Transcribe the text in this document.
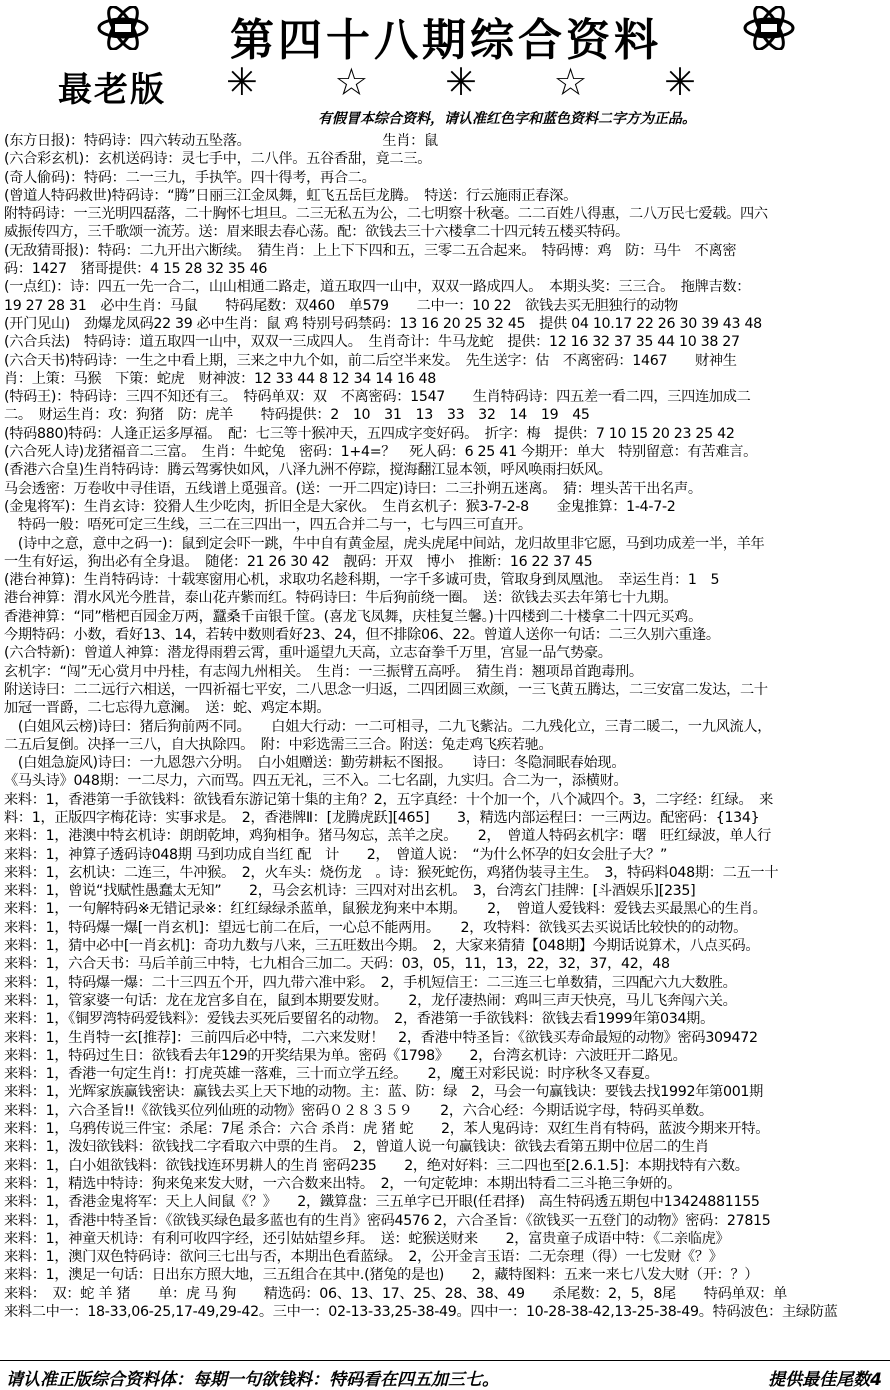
第四十八期综合资料
最老版 ✳ ☆ ✳ ☆ ✳
有假冒本综合资料，请认准红色字和蓝色资料二字方为正品。
(东方日报)：特码诗：四六转动五坠落。　　　　　　　　　　生肖：鼠
(六合彩玄机)：玄机送码诗：灵七手中，二八伴。五谷香甜，竟二三。
(奇人偷码)：特码：二一三九，手执竿。四十得考，再合二。
(曾道人特码救世)特码诗：“腾”日丽三江金凤舞，虹飞五岳巨龙腾。　特送：行云施雨正春深。
附特码诗：一三光明四磊落，二十胸怀七坦旦。二三无私五为公，二七明察十秋毫。二二百姓八得惠，二八万民七爱载。四六
威振传四方，三千歌颂一流芳。送：眉来眼去春心荡。配：欲钱去三十六楼拿二十四元转五楼买特码。
(无敌猜哥报)：特码：二九开出六断续。　猜生肖：上上下下四和五，三零二五合起来。　特码博：鸡　防：马牛　不离密
码：1427　猪哥提供：4 15 28 32 35 46
(一点红)：诗：四五一先一合二，山山相通二路走，道五取四一山中，双双一路成四人。　本期头奖：三三合。　拖牌吉数：
19 27 28 31　必中生肖：马鼠　　特码尾数：双460　单579　　二中一：10 22　欲钱去买无胆独行的动物
(开门见山)　劲爆龙凤码22 39 必中生肖：鼠 鸡 特别号码禁码：13 16 20 25 32 45　提供 04 10.17 22 26 30 39 43 48
(六合兵法)　特码诗：道五取四一山中，双双一三成四人。　生肖奇计：牛马龙蛇　提供：12 16 32 37 35 44 10 38 27
(六合天书)特码诗：一生之中看上期，三来之中九个如，前二后空半来发。　先生送字：估　不离密码：1467　　财神生
肖：上策：马猴　下策：蛇虎　财神波：12 33 44 8 12 34 14 16 48
(特码王)：特码诗：三四不知还有三。　特码单双：双　不离密码：1547　　生肖特码诗：四五差一看二四，三四连加成二
二。　财运生肖：攻：狗猪　防：虎羊　　特码提供：2　10　31　13　33　32　14　19　45
(特码880)特码：人逢正运多厚福。　配：七三等十猴冲天，五四成字变好码。　折字：梅　提供：7 10 15 20 23 25 42
(六合死人诗)龙猪福音二三富。　生肖：牛蛇兔　密码：1+4=？　死人码：6 25 41 今期开：单大　特别留意：有苦难言。
(香港六合皇)生肖特码诗：腾云驾雾快如风，八泽九洲不停踪，搅海翻江显本领，呼风唤雨扫妖风。
马会透密：万卷收中寻佳语，五线谱上觅强音。(送：一开二四定)诗曰：二三扑朔五迷离。　猜：埋头苦干出名声。
(金鬼将军)：生肖玄诗：狡猾人生少吃肉，折旧全是大家伙。　生肖玄机子：猴3-7-2-8　　金鬼推算：1-4-7-2
　特码一般：唔死可定三生线，三二在三四出一，四五合并二与一，七与四三可直开。
　(诗中之意，意中之码一)：鼠到定会吓一跳，牛中自有黄金屋，虎头虎尾中间站，龙归故里非它愿，马到功成差一半，羊年
一生有好运，狗出必有全身退。　随佬：21 26 30 42　靓码：开双　博小　推断：16 22 37 45
(港台神算)：生肖特码诗：十载寒窗用心机，求取功名趁科期，一字千多诚可贵，管取身到凤凰池。　幸运生肖：1　5
港台神算：渭水风光今胜昔，泰山花卉紫而红。特码诗曰：牛后狗前绕一圈。　送：欲钱去买去年第七十九期。
香港神算：“同”楷杷百园金万两，蠶桑千亩银千筐。(喜龙飞凤舞，庆桂复兰馨。)十四楼到二十楼拿二十四元买鸡。
今期特码：小数，看好13、14，若转中数则看好23、24，但不排除06、22。曾道人送你一句话：二三久别六重逢。
(六合特新)：曾道人神算：潜龙得雨碧云霄，重叶遥望九天高，立志奋拳千万里，宫显一品气势豪。
玄机字：“闯”无心赏月中丹桂，有志闯九州相关。　生肖：一三振臂五高呼。　猜生肖：翘项昂首跑毒刑。
附送诗曰：二二远行六相送，一四祈福七平安，二八思念一归返，二四团圆三欢颜，一三飞黄五腾达，二三安富二发达，二十
加冠一晋爵，二七忘得九意澜。　送：蛇、鸡定本期。
　(白姐风云榜)诗曰：猪后狗前两不同。　　白姐大行动：一二可相寻，二九飞紫沾。二九残化立，三青二暖二，一九风流人，
二五后复倒。决择一三八，自大执除四。　附：中彩选需三三合。附送：兔走鸡飞疾若驰。
　(白姐急旋风)诗曰：一九恩怨六分明。　白小姐赠送：勤劳耕耘不图报。　　诗曰：冬隐洞眠春始现。
《马头诗》048期：一二尽力，六而骂。四五无礼，三不入。二七名副，九实归。合二为一，添横财。
来料：1，香港第一手欲钱料：欲钱看东游记第十集的主角？2，五字真经：十个加一个，八个减四个。3，二字经：红绿。　来
料：1，正版四字梅花诗：实事求是。　2，香港牌Ⅱ：[龙腾虎跃][465]　　3，精选内部运程曰：一三两边。配密码：{134}
来料：1，港澳中特玄机诗：朗朗乾坤，鸡狗相争。猪马匆忘，羔羊之戾。　　2，　曾道人特码玄机字：曙　旺红绿波，单人行
来料：1，神算子透码诗048期 马到功成自当红 配　计　　2，　曾道人说：　“为什么怀孕的妇女会肚子大？”
来料：1，玄机诀：二连三，牛冲猴。　2，火车头：烧伤龙　。诗：猴死蛇伤，鸡猪伪装寻主生。　3，特码料048期：二五一十
来料：1，曾说“找赋性愚蠢太无知”　　2，马会玄机诗：三四对对出玄机。　3，台湾玄门挂牌：[斗酒娱乐][235]
来料：1，一句解特码※无错记录※：红红绿绿杀蓝单，鼠猴龙狗来中本期。　　2，　曾道人爱钱料：爱钱去买最黑心的生肖。
来料：1，特码爆一爆[一肖玄机]：望远七前二在后，一心总不能两用。　　2，攻特料：欲钱买去买说话比较快的的动物。
来料：1，猜中必中[一肖玄机]：奇功九数与八来，三五旺数出今期。　2，大家来猜猜【048期】今期话说算术，八点买码。
来料：1，六合天书：马后羊前三中特，七九相合三加二。天码：03，05，11，13，22，32，37，42，48
来料：1，特码爆一爆：二十三四五个开，四九带六准中彩。　2，手机短信王：二三连三七单数猜，三四配六九大数胜。
来料：1，管家婆一句话：龙在龙宫多自在，鼠到本期要发财。　　2，龙仔凄热闹：鸡叫三声天快亮，马儿飞奔闯六关。
来料：1，《铜罗湾特码爱钱料》：爱钱去买死后要留名的动物。　2，香港第一手欲钱料：欲钱去看1999年第034期。
来料：1，生肖特一玄[推荐]：三前四后必中特，二六来发财！　2，香港中特圣旨：《欲钱买寿命最短的动物》密码309472
来料：1，特码过生日：欲钱看去年129的开奖结果为单。密码《1798》　　2，台湾玄机诗：六波旺开二路见。
来料：1，香港一句定生肖!：打虎英雄一落难，三十而立学五经。　　2，魔王对彩民说：时序秋冬又春夏。
来料：1，光辉家族赢钱密诀：赢钱去买上天下地的动物。主：蓝、防：绿　2，马会一句赢钱诀：要钱去找1992年第001期
来料：1，六合圣旨!!《欲钱买位列仙班的动物》密码０２８３５９　　2，六合心经：今期话说字母，特码买单数。
来料：1，乌鸦传说三件宝：杀尾：7尾 杀合：六合 杀肖：虎 猪 蛇　　2，苯人鬼码诗：双红生肖有特码，蓝波今期来开特。
来料：1，泼妇欲钱料：欲钱找二字看取六中票的生肖。　2，曾道人说一句赢钱诀：欲钱去看第五期中位居二的生肖
来料：1，白小姐欲钱料：欲钱找连环男耕人的生肖 密码235　　2，绝对好料：三二四也至[2.6.1.5]：本期找特有六数。
来料：1，精选中特诗：狗来兔来发大财，一六合数来出特。　2，一句定乾坤：本期出特看二三斗艳三争妍的。
来料：1，香港金鬼将军：天上人间鼠《？》　　2，鐵算盘：三五单字已开眼(任君择)　高生特码透五期包中13424881155
来料：1，香港中特圣旨：《欲钱买绿色最多蓝也有的生肖》密码4576 2，六合圣旨：《欲钱买一五登门的动物》密码：27815
来料：1，神童天机诗：有利可收四字经，还引姑姑望乡拜。　送：蛇猴送财来　　2，富贵童子成语中特：《二亲临虎》
来料：1，澳门双色特码诗：欲问三七出与否，本期出色看蓝绿。　2，公开金言玉语：二无奈理（得）一七发财《？》
来料：1，澳足一句话：日出东方照大地，三五组合在其中.(猪兔的是也)　　2，藏特图料：五来一来七八发大财（开：？）
来料：　双：蛇 羊 猪　　单：虎 马 狗　　精选码：06、13、17、25、28、38、49　　杀尾数：2，5，8尾　　特码单双：单
来料二中一：18-33,06-25,17-49,29-42。三中一：02-13-33,25-38-49。四中一：10-28-38-42,13-25-38-49。特码波色：主绿防蓝
请认准正版综合资料体：每期一句欲钱料：特码看在四五加三七。	提供最佳尾数4
